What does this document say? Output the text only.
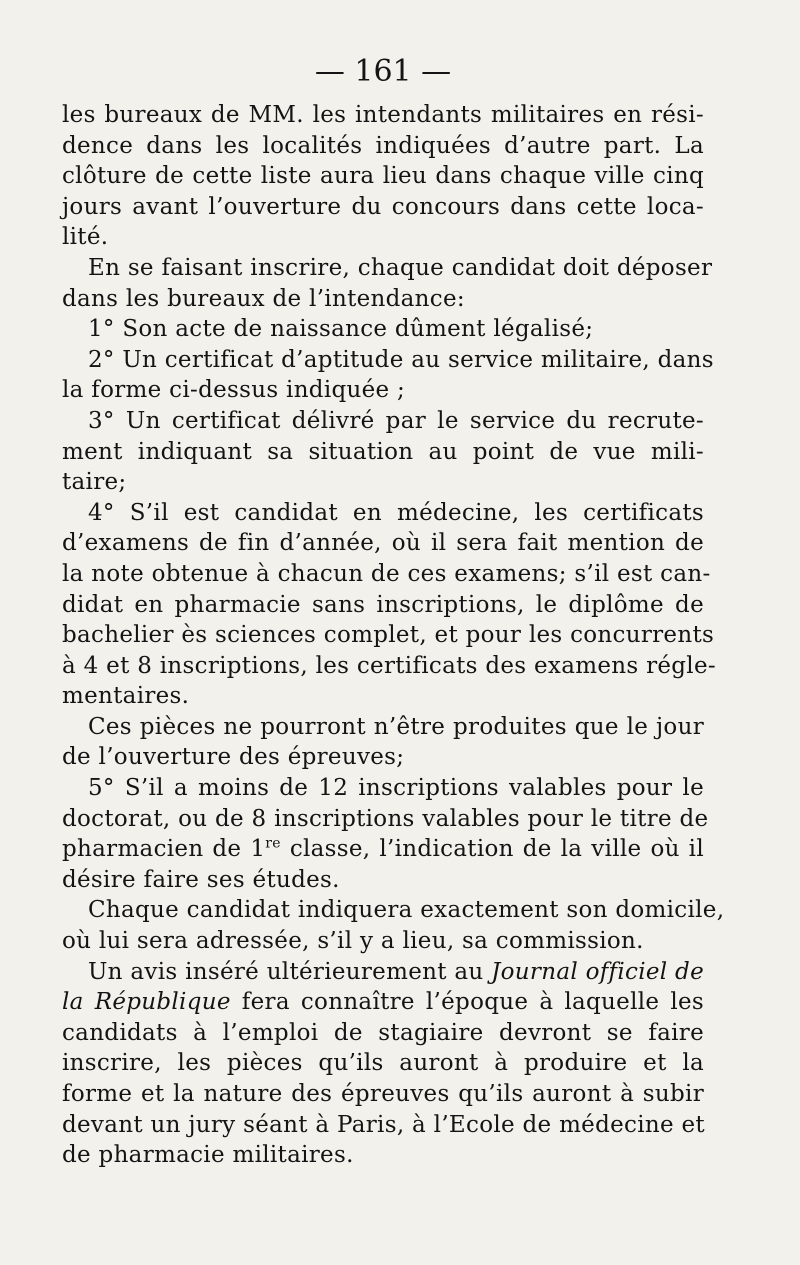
— 161 —
les bureaux de MM. les intendants militaires en rési-
dence dans les localités indiquées d’autre part. La
clôture de cette liste aura lieu dans chaque ville cinq
jours avant l’ouverture du concours dans cette loca-
lité.
En se faisant inscrire, chaque candidat doit déposer
dans les bureaux de l’intendance:
1° Son acte de naissance dûment légalisé;
2° Un certificat d’aptitude au service militaire, dans
la forme ci-dessus indiquée ;
3° Un certificat délivré par le service du recrute-
ment indiquant sa situation au point de vue mili-
taire;
4° S’il est candidat en médecine, les certificats
d’examens de fin d’année, où il sera fait mention de
la note obtenue à chacun de ces examens; s’il est can-
didat en pharmacie sans inscriptions, le diplôme de
bachelier ès sciences complet, et pour les concurrents
à 4 et 8 inscriptions, les certificats des examens régle-
mentaires.
Ces pièces ne pourront n’être produites que le jour
de l’ouverture des épreuves;
5° S’il a moins de 12 inscriptions valables pour le
doctorat, ou de 8 inscriptions valables pour le titre de
pharmacien de 1re classe, l’indication de la ville où il
désire faire ses études.
Chaque candidat indiquera exactement son domicile,
où lui sera adressée, s’il y a lieu, sa commission.
Un avis inséré ultérieurement au Journal officiel de
la République fera connaître l’époque à laquelle les
candidats à l’emploi de stagiaire devront se faire
inscrire, les pièces qu’ils auront à produire et la
forme et la nature des épreuves qu’ils auront à subir
devant un jury séant à Paris, à l’Ecole de médecine et
de pharmacie militaires.
